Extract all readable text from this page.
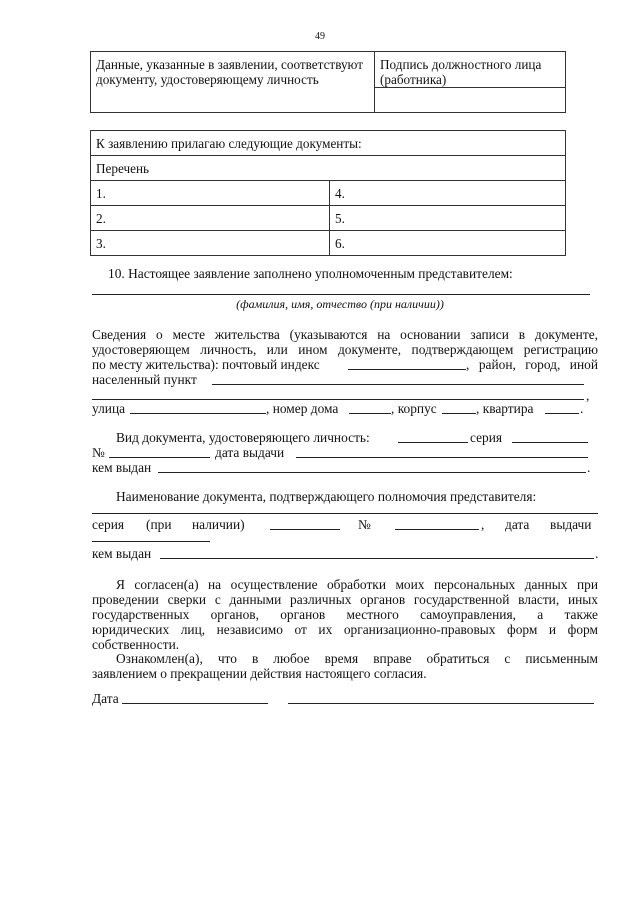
49
Данные, указанные в заявлении, соответствуют документу, удостоверяющему личность	Подпись должностного лица (работника)

К заявлению прилагаю следующие документы:	
Перечень	
1.	4.
2.	5.
3.	6.
10. Настоящее заявление заполнено уполномоченным представителем:
(фамилия, имя, отчество (при наличии))
Сведения о месте жительства (указываются на основании записи в документе,
удостоверяющем личность, или ином документе, подтверждающем регистрацию
по месту жительства): почтовый индекс	, район, город, иной
населенный пункт
,
улица	, номер дома	, корпус	, квартира	.
Вид документа, удостоверяющего личность:	серия
№	дата выдачи
кем выдан	.
Наименование документа, подтверждающего полномочия представителя:
серия (при наличии)	№	, дата выдачи
кем выдан	.
Я согласен(а) на осуществление обработки моих персональных данных при
проведении сверки с данными различных органов государственной власти, иных
государственных органов, органов местного самоуправления, а также
юридических лиц, независимо от их организационно-правовых форм и форм
собственности.
Ознакомлен(а), что в любое время вправе обратиться с письменным
заявлением о прекращении действия настоящего согласия.
Дата
